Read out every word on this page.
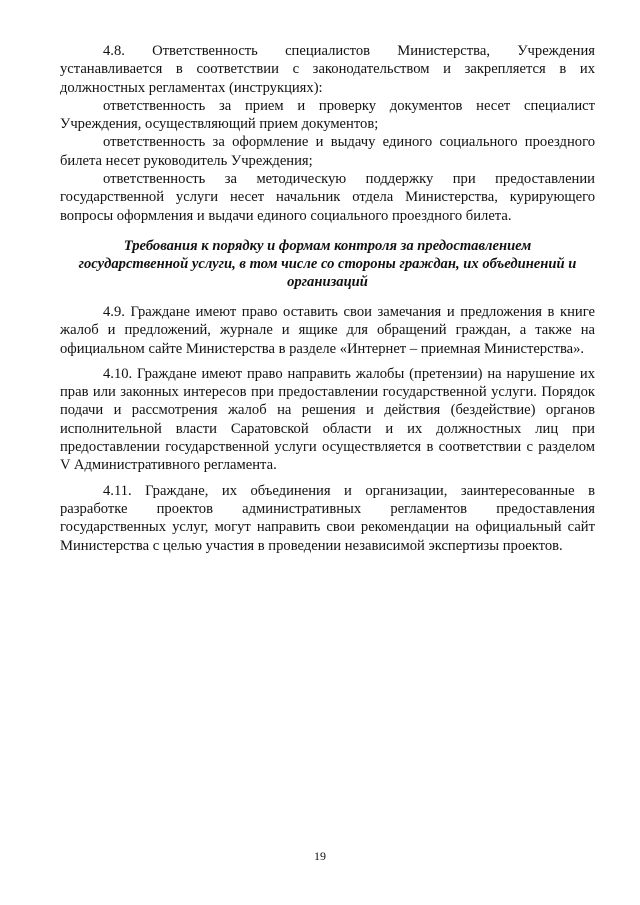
4.8. Ответственность специалистов Министерства, Учреждения устанавливается в соответствии с законодательством и закрепляется в их должностных регламентах (инструкциях):

ответственность за прием и проверку документов несет специалист Учреждения, осуществляющий прием документов;

ответственность за оформление и выдачу единого социального проездного билета несет руководитель Учреждения;

ответственность за методическую поддержку при предоставлении государственной услуги несет начальник отдела Министерства, курирующего вопросы оформления и выдачи единого социального проездного билета.

Требования к порядку и формам контроля за предоставлением государственной услуги, в том числе со стороны граждан, их объединений и организаций

4.9. Граждане имеют право оставить свои замечания и предложения в книге жалоб и предложений, журнале и ящике для обращений граждан, а также на официальном сайте Министерства в разделе «Интернет – приемная Министерства».

4.10. Граждане имеют право направить жалобы (претензии) на нарушение их прав или законных интересов при предоставлении государственной услуги. Порядок подачи и рассмотрения жалоб на решения и действия (бездействие) органов исполнительной власти Саратовской области и их должностных лиц при предоставлении государственной услуги осуществляется в соответствии с разделом V Административного регламента.

4.11. Граждане, их объединения и организации, заинтересованные в разработке проектов административных регламентов предоставления государственных услуг, могут направить свои рекомендации на официальный сайт Министерства с целью участия в проведении независимой экспертизы проектов.

19
